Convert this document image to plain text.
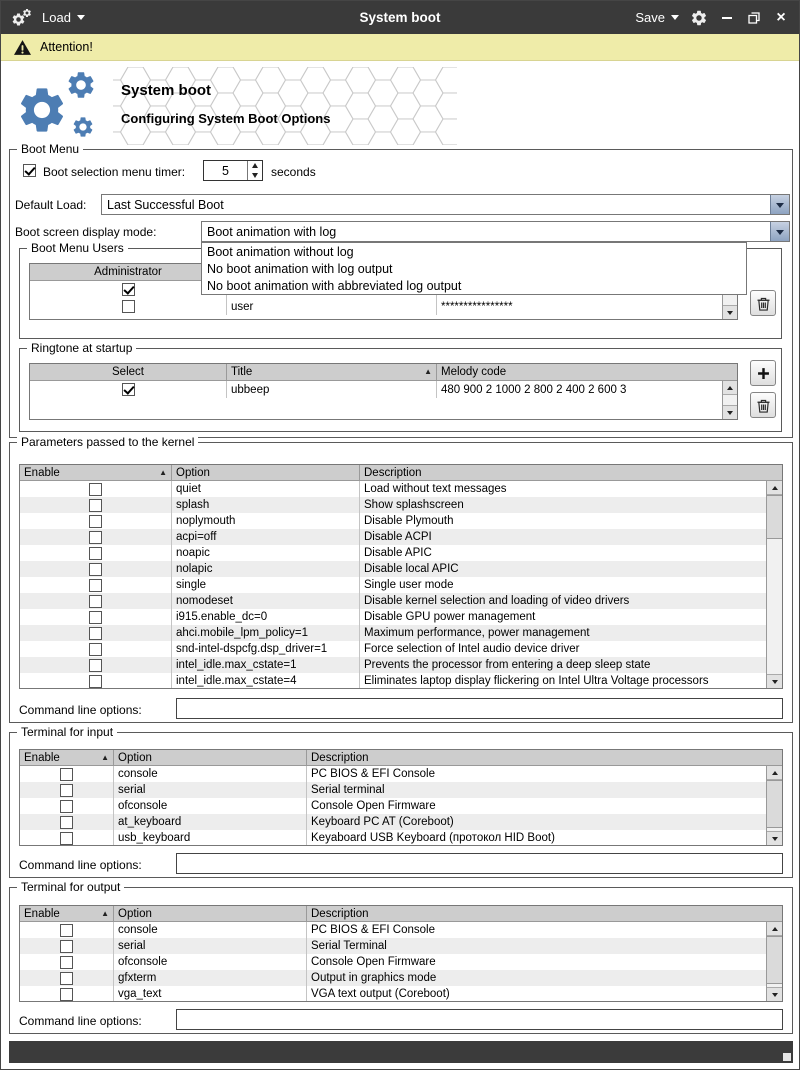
Load	System boot	Save	×
Attention!
System boot
Configuring System Boot Options
Boot Menu
Boot selection menu timer:
5	seconds
Default Load:	Last Successful Boot
Boot screen display mode:	Boot animation with log
Boot Menu Users
Administrator
user	****************
Ringtone at startup
Select	Title ▲	Melody code
ubbeep	480 900 2 1000 2 800 2 400 2 600 3
Boot animation without log
No boot animation with log output
No boot animation with abbreviated log output
Parameters passed to the kernel
Enable ▲	Option	Description
quiet	Load without text messages
splash	Show splashscreen
noplymouth	Disable Plymouth
acpi=off	Disable ACPI
noapic	Disable APIC
nolapic	Disable local APIC
single	Single user mode
nomodeset	Disable kernel selection and loading of video drivers
i915.enable_dc=0	Disable GPU power management
ahci.mobile_lpm_policy=1	Maximum performance, power management
snd-intel-dspcfg.dsp_driver=1	Force selection of Intel audio device driver
intel_idle.max_cstate=1	Prevents the processor from entering a deep sleep state
intel_idle.max_cstate=4	Eliminates laptop display flickering on Intel Ultra Voltage processors
Command line options:
Terminal for input
Enable ▲	Option	Description
console	PC BIOS & EFI Console
serial	Serial terminal
ofconsole	Console Open Firmware
at_keyboard	Keyboard PC AT (Coreboot)
usb_keyboard	Keyaboard USB Keyboard (протокол HID Boot)
Command line options:
Terminal for output
Enable ▲	Option	Description
console	PC BIOS & EFI Console
serial	Serial Terminal
ofconsole	Console Open Firmware
gfxterm	Output in graphics mode
vga_text	VGA text output (Coreboot)
Command line options:
